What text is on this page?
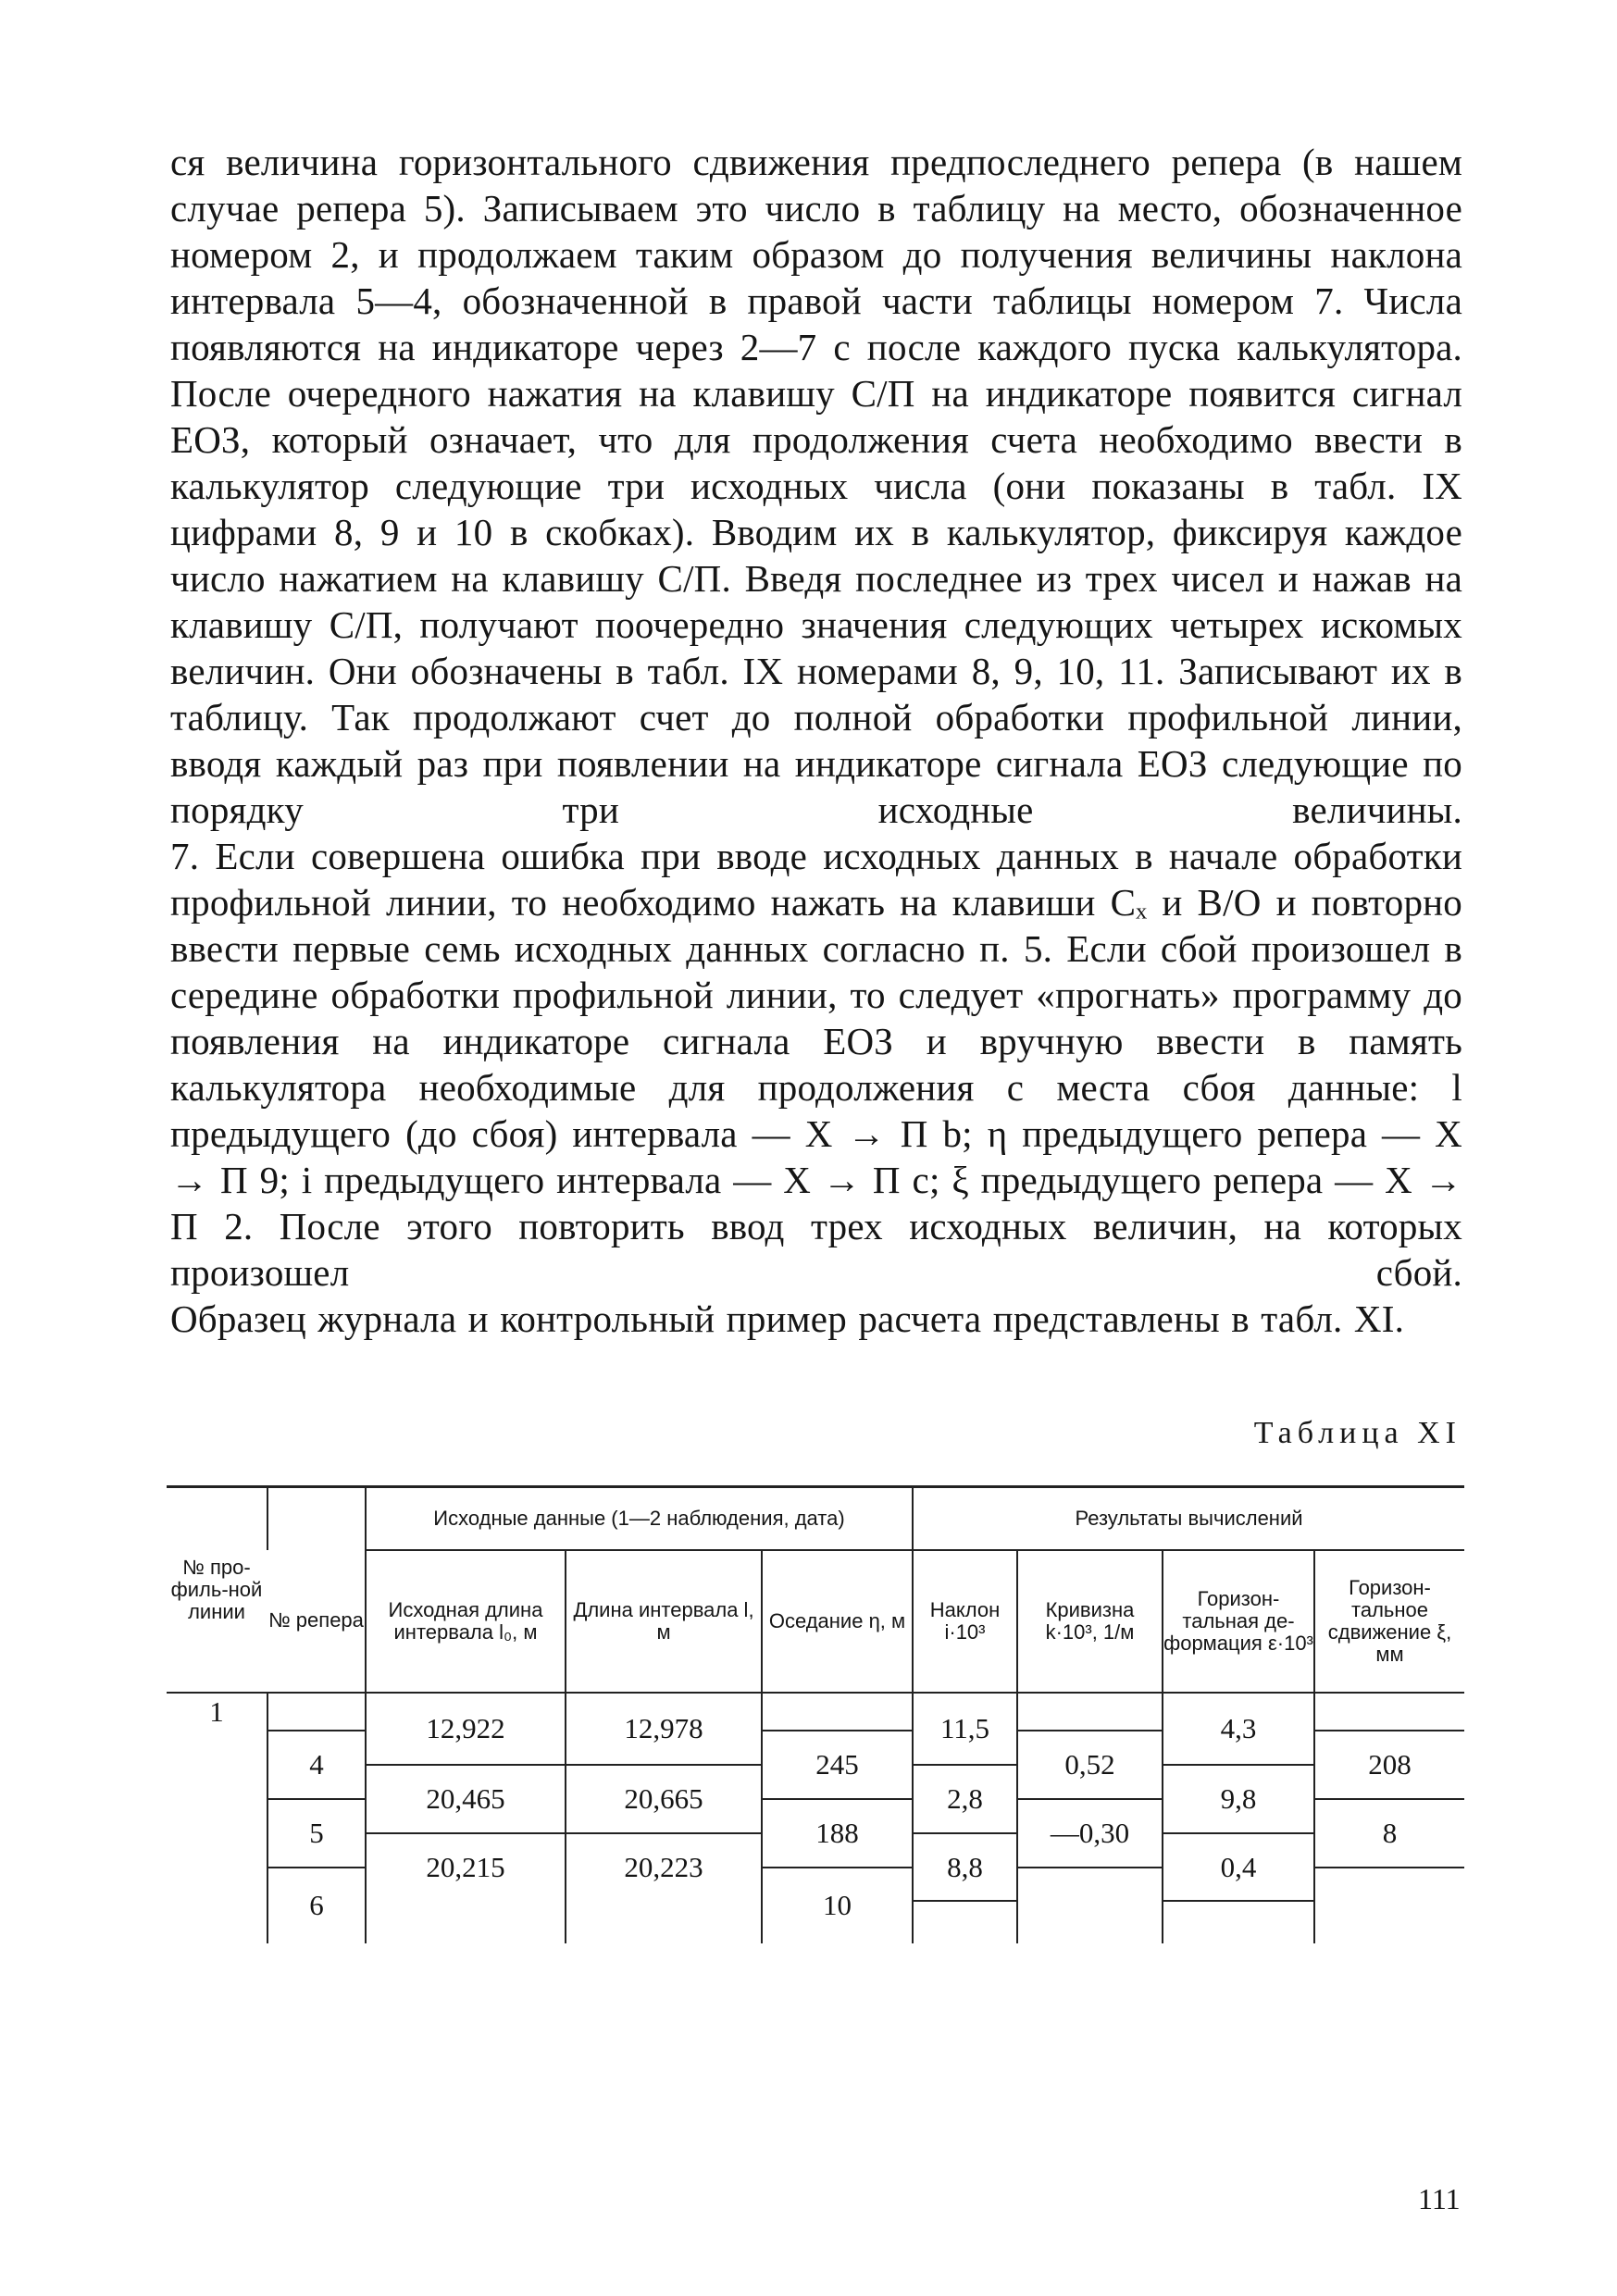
ся величина горизонтального сдвижения предпоследнего репера (в нашем случае репера 5). Записываем это число в таблицу на место, обозначенное номером 2, и продолжаем таким образом до получения величины наклона интервала 5—4, обозначенной в правой части таблицы номером 7. Числа появляются на индикаторе через 2—7 с после каждого пуска калькулятора. После очередного нажатия на клавишу С/П на индикаторе появится сигнал ЕОЗ, который означает, что для продолжения счета необходимо ввести в калькулятор следующие три исходных числа (они показаны в табл. IX цифрами 8, 9 и 10 в скобках). Вводим их в калькулятор, фиксируя каждое число нажатием на клавишу С/П. Введя последнее из трех чисел и нажав на клавишу С/П, получают поочередно значения следующих четырех искомых величин. Они обозначены в табл. IX номерами 8, 9, 10, 11. Записывают их в таблицу. Так продолжают счет до полной обработки профильной линии, вводя каждый раз при появлении на индикаторе сигнала ЕОЗ следующие по порядку три исходные величины.

7. Если совершена ошибка при вводе исходных данных в начале обработки профильной линии, то необходимо нажать на клавиши Cₓ и В/О и повторно ввести первые семь исходных данных согласно п. 5. Если сбой произошел в середине обработки профильной линии, то следует «прогнать» программу до появления на индикаторе сигнала ЕОЗ и вручную ввести в память калькулятора необходимые для продолжения с места сбоя данные: l предыдущего (до сбоя) интервала — X → П b; η предыдущего репера — X → П 9; i предыдущего интервала — X → П c; ξ предыдущего репера — X → П 2. После этого повторить ввод трех исходных величин, на которых произошел сбой.

Образец журнала и контрольный пример расчета представлены в табл. XI.

Таблица XI
№ про-филь-ной линии		Исходные данные (1—2 наблюдения, дата)			Результаты вычислений			
	№ репера	Исходная длина интервала l₀, м	Длина интервала l, м	Оседание η, м	Наклон i·10³	Кривизна k·10³, 1/м	Горизон-тальная де-формация ε·10³	Горизон-тальное сдвижение ξ, мм
1		12,922	12,978		11,5		4,3	
	4			245		0,52		208
		20,465	20,665		2,8		9,8	
	5			188		—0,30		8
		20,215	20,223		8,8		0,4	
	6			10				

111
